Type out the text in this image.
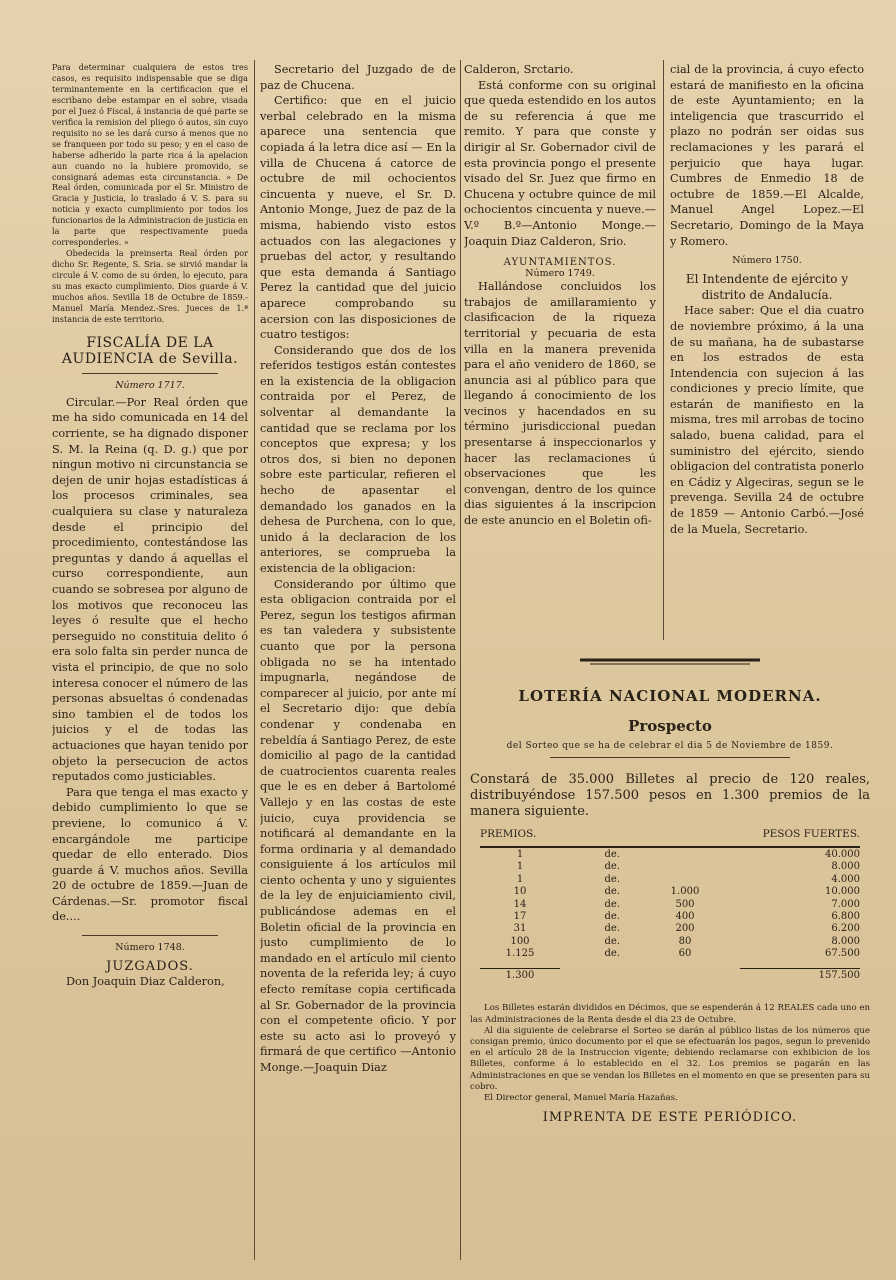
Para determinar cualquiera de estos tres casos, es requisito indispensable que se diga terminantemente en la certificacion que el escribano debe estampar en el sobre, visada por el Juez ó Fiscal, á instancia de qué parte se verifica la remision del pliego ó autos, sin cuyo requisito no se les dará curso á menos que no se franqueen por todo su peso; y en el caso de haberse adherido la parte rica á la apelacion aun cuando no la hubiere promovido, se consignará ademas esta circunstancia. » De Real órden, comunicada por el Sr. Ministro de Gracia y Justicia, lo traslado á V. S. para su noticia y exacto cumplimiento por todos los funcionarios de la Administracion de justicia en la parte que respectivamente pueda corresponderles. »

Obedecida la preinserta Real órden por dicho Sr. Regente, S. Sria. se sirvió mandar la circule á V. como de su órden, lo ejecuto, para su mas exacto cumplimiento. Dios guarde á V. muchos años. Sevilla 18 de Octubre de 1859.-Manuel María Mendez.-Sres. Jueces de 1.ª instancia de este territorio.

FISCALÍA DE LA AUDIENCIA de Sevilla.

Número 1717.

Circular.—Por Real órden que me ha sido comunicada en 14 del corriente, se ha dignado disponer S. M. la Reina (q. D. g.) que por ningun motivo ni circunstancia se dejen de unir hojas estadísticas á los procesos criminales, sea cualquiera su clase y naturaleza desde el principio del procedimiento, contestándose las preguntas y dando á aquellas el curso correspondiente, aun cuando se sobresea por alguno de los motivos que reconoceu las leyes ó resulte que el hecho perseguido no constituia delito ó era solo falta sin perder nunca de vista el principio, de que no solo interesa conocer el número de las personas absueltas ó condenadas sino tambien el de todos los juicios y el de todas las actuaciones que hayan tenido por objeto la persecucion de actos reputados como justiciables.

Para que tenga el mas exacto y debido cumplimiento lo que se previene, lo comunico á V. encargándole me participe quedar de ello enterado. Dios guarde á V. muchos años. Sevilla 20 de octubre de 1859.—Juan de Cárdenas.—Sr. promotor fiscal de....

Número 1748.

JUZGADOS.

Don Joaquin Diaz Calderon,

Secretario del Juzgado de de paz de Chucena.

Certifico: que en el juicio verbal celebrado en la misma aparece una sentencia que copiada á la letra dice así — En la villa de Chucena á catorce de octubre de mil ochocientos cincuenta y nueve, el Sr. D. Antonio Monge, Juez de paz de la misma, habiendo visto estos actuados con las alegaciones y pruebas del actor, y resultando que esta demanda á Santiago Perez la cantidad que del juicio aparece comprobando su acersion con las disposiciones de cuatro testigos:

Considerando que dos de los referidos testigos están contestes en la existencia de la obligacion contraida por el Perez, de solventar al demandante la cantidad que se reclama por los conceptos que expresa; y los otros dos, si bien no deponen sobre este particular, refieren el hecho de apasentar el demandado los ganados en la dehesa de Purchena, con lo que, unido á la declaracion de los anteriores, se comprueba la existencia de la obligacion:

Considerando por último que esta obligacion contraida por el Perez, segun los testigos afirman es tan valedera y subsistente cuanto que por la persona obligada no se ha intentado impugnarla, negándose de comparecer al juicio, por ante mí el Secretario dijo: que debía condenar y condenaba en rebeldía á Santiago Perez, de este domicilio al pago de la cantidad de cuatrocientos cuarenta reales que le es en deber á Bartolomé Vallejo y en las costas de este juicio, cuya providencia se notificará al demandante en la forma ordinaria y al demandado consiguiente á los artículos mil ciento ochenta y uno y siguientes de la ley de enjuiciamiento civil, publicándose ademas en el Boletin oficial de la provincia en justo cumplimiento de lo mandado en el artículo mil ciento noventa de la referida ley; á cuyo efecto remítase copia certificada al Sr. Gobernador de la provincia con el competente oficio. Y por este su acto asi lo proveyó y firmará de que certifico —Antonio Monge.—Joaquin Diaz

Calderon, Srctario.

Está conforme con su original que queda estendido en los autos de su referencia á que me remito. Y para que conste y dirigir al Sr. Gobernador civil de esta provincia pongo el presente visado del Sr. Juez que firmo en Chucena y octubre quince de mil ochocientos cincuenta y nueve.—V.º B.º—Antonio Monge.—Joaquin Diaz Calderon, Srio.

AYUNTAMIENTOS.

Número 1749.

Hallándose concluidos los trabajos de amillaramiento y clasificacion de la riqueza territorial y pecuaria de esta villa en la manera prevenida para el año venidero de 1860, se anuncia asi al público para que llegando á conocimiento de los vecinos y hacendados en su término jurisdiccional puedan presentarse á inspeccionarlos y hacer las reclamaciones ú observaciones que les convengan, dentro de los quince dias siguientes á la inscripcion de este anuncio en el Boletin ofi-

cial de la provincia, á cuyo efecto estará de manifiesto en la oficina de este Ayuntamiento; en la inteligencia que trascurrido el plazo no podrán ser oidas sus reclamaciones y les parará el perjuicio que haya lugar. Cumbres de Enmedio 18 de octubre de 1859.—El Alcalde, Manuel Angel Lopez.—El Secretario, Domingo de la Maya y Romero.

Número 1750.

El Intendente de ejército y distrito de Andalucía.

Hace saber: Que el dia cuatro de noviembre próximo, á la una de su mañana, ha de subastarse en los estrados de esta Intendencia con sujecion á las condiciones y precio límite, que estarán de manifiesto en la misma, tres mil arrobas de tocino salado, buena calidad, para el suministro del ejército, siendo obligacion del contratista ponerlo en Cádiz y Algeciras, segun se le prevenga. Sevilla 24 de octubre de 1859 — Antonio Carbó.—José de la Muela, Secretario.

LOTERÍA NACIONAL MODERNA.

Prospecto

del Sorteo que se ha de celebrar el dia 5 de Noviembre de 1859.

Constará de 35.000 Billetes al precio de 120 reales, distribuyéndose 157.500 pesos en 1.300 premios de la manera siguiente.

PREMIOS.			PESOS FUERTES.

1	de.		40.000
1	de.		8.000
1	de.		4.000
10	de.	1.000	10.000
14	de.	500	7.000
17	de.	400	6.800
31	de.	200	6.200
100	de.	80	8.000
1.125	de.	60	67.500

1.300			157.500

Los Billetes estarán divididos en Décimos, que se espenderán á 12 REALES cada uno en las Administraciones de la Renta desde el dia 23 de Octubre.

Al dia siguiente de celebrarse el Sorteo se darán al público listas de los números que consigan premio, único documento por el que se efectuarán los pagos, segun lo prevenido en el artículo 28 de la Instruccion vigente; debiendo reclamarse con exhibicion de los Billetes, conforme á lo establecido en el 32. Los premios se pagarán en las Administraciones en que se vendan los Billetes en el momento en que se presenten para su cobro.

El Director general, Manuel María Hazañas.

IMPRENTA DE ESTE PERIÓDICO.
